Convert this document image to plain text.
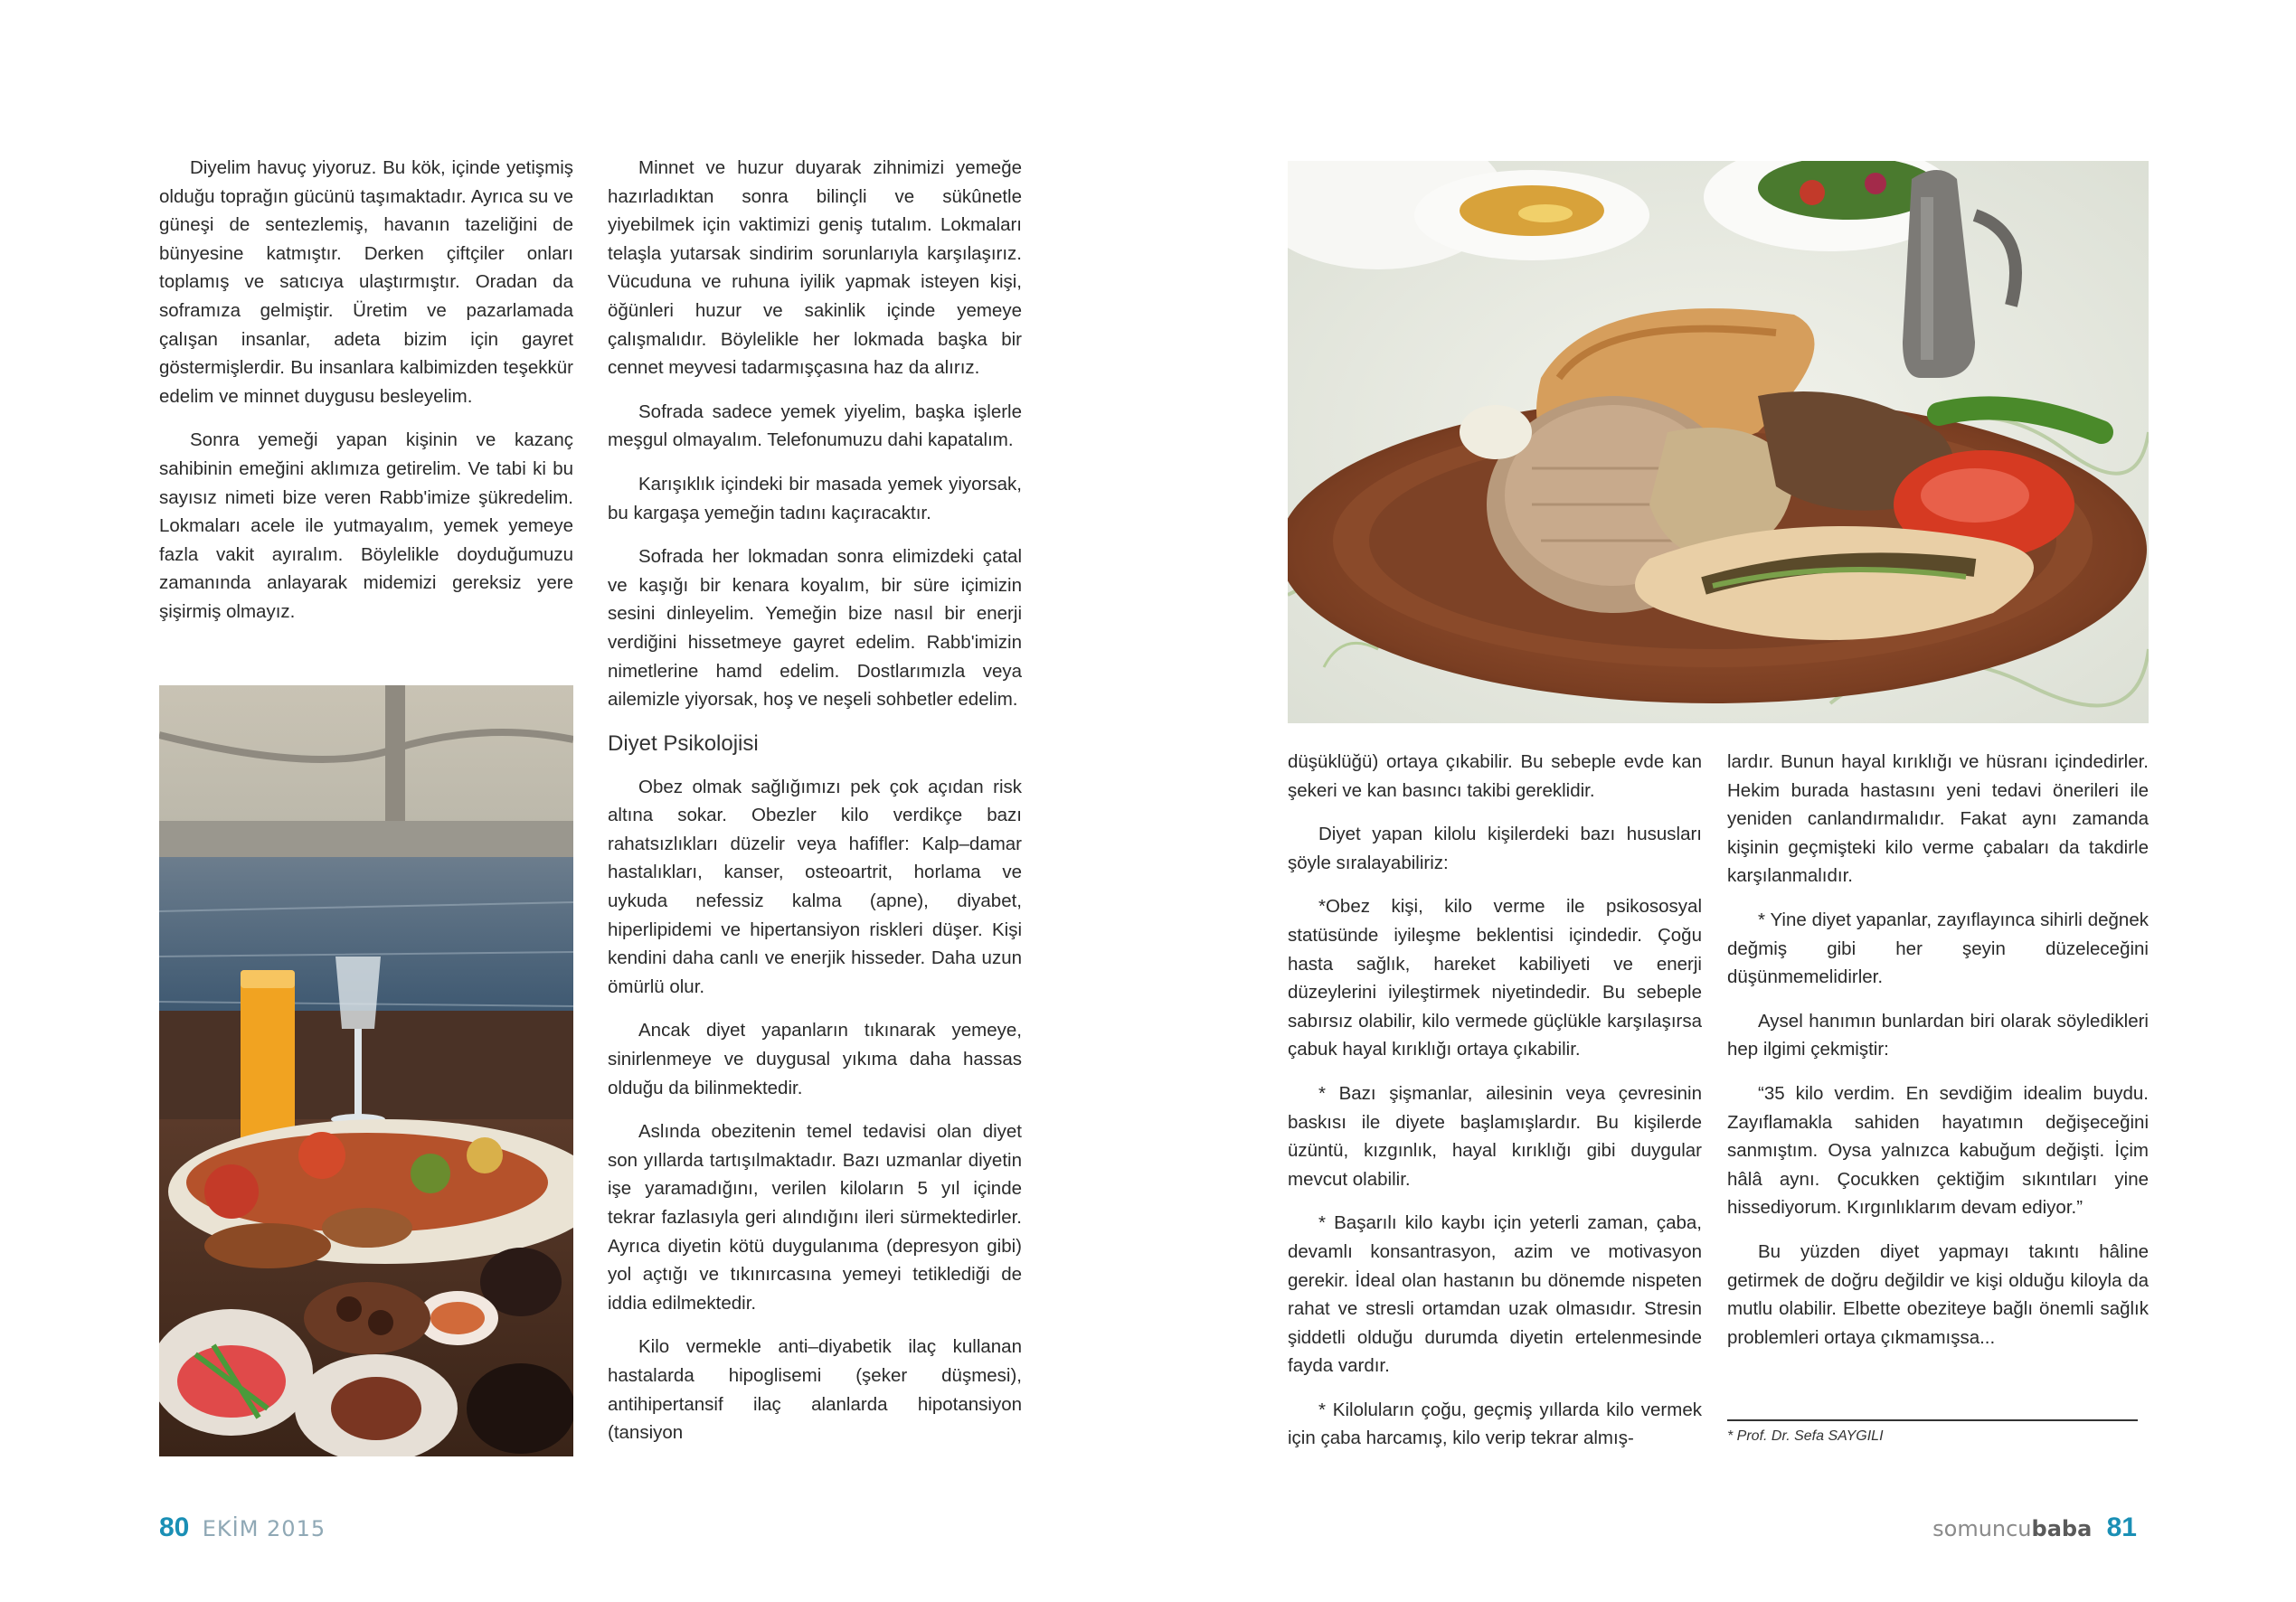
Diyelim havuç yiyoruz. Bu kök, içinde yetişmiş olduğu toprağın gücünü taşımaktadır. Ayrıca su ve güneşi de sentezlemiş, havanın tazeliğini de bünyesine katmıştır. Derken çiftçiler onları toplamış ve satıcıya ulaştırmıştır. Oradan da soframıza gelmiştir. Üretim ve pazarlamada çalışan insanlar, adeta bizim için gayret göstermişlerdir. Bu insanlara kalbimizden teşekkür edelim ve minnet duygusu besleyelim.

Sonra yemeği yapan kişinin ve kazanç sahibinin emeğini aklımıza getirelim. Ve tabi ki bu sayısız nimeti bize veren Rabb'imize şükredelim. Lokmaları acele ile yutmayalım, yemek yemeye fazla vakit ayıralım. Böylelikle doyduğumuzu zamanında anlayarak midemizi gereksiz yere şişirmiş olmayız.

Minnet ve huzur duyarak zihnimizi yemeğe hazırladıktan sonra bilinçli ve sükûnetle yiyebilmek için vaktimizi geniş tutalım. Lokmaları telaşla yutarsak sindirim sorunlarıyla karşılaşırız. Vücuduna ve ruhuna iyilik yapmak isteyen kişi, öğünleri huzur ve sakinlik içinde yemeye çalışmalıdır. Böylelikle her lokmada başka bir cennet meyvesi tadarmışçasına haz da alırız.

Sofrada sadece yemek yiyelim, başka işlerle meşgul olmayalım. Telefonumuzu dahi kapatalım.

Karışıklık içindeki bir masada yemek yiyorsak, bu kargaşa yemeğin tadını kaçıracaktır.

Sofrada her lokmadan sonra elimizdeki çatal ve kaşığı bir kenara koyalım, bir süre içimizin sesini dinleyelim. Yemeğin bize nasıl bir enerji verdiğini hissetmeye gayret edelim. Rabb'imizin nimetlerine hamd edelim. Dostlarımızla veya ailemizle yiyorsak, hoş ve neşeli sohbetler edelim.

Diyet Psikolojisi

Obez olmak sağlığımızı pek çok açıdan risk altına sokar. Obezler kilo verdikçe bazı rahatsızlıkları düzelir veya hafifler: Kalp–damar hastalıkları, kanser, osteoartrit, horlama ve uykuda nefessiz kalma (apne), diyabet, hiperlipidemi ve hipertansiyon riskleri düşer. Kişi kendini daha canlı ve enerjik hisseder. Daha uzun ömürlü olur.

Ancak diyet yapanların tıkınarak yemeye, sinirlenmeye ve duygusal yıkıma daha hassas olduğu da bilinmektedir.

Aslında obezitenin temel tedavisi olan diyet son yıllarda tartışılmaktadır. Bazı uzmanlar diyetin işe yaramadığını, verilen kiloların 5 yıl içinde tekrar fazlasıyla geri alındığını ileri sürmektedirler. Ayrıca diyetin kötü duygulanıma (depresyon gibi) yol açtığı ve tıkınırcasına yemeyi tetiklediği de iddia edilmektedir.

Kilo vermekle anti–diyabetik ilaç kullanan hastalarda hipoglisemi (şeker düşmesi), antihipertansif ilaç alanlarda hipotansiyon (tansiyon

düşüklüğü) ortaya çıkabilir. Bu sebeple evde kan şekeri ve kan basıncı takibi gereklidir.

Diyet yapan kilolu kişilerdeki bazı hususları şöyle sıralayabiliriz:

*Obez kişi, kilo verme ile psikososyal statüsünde iyileşme beklentisi içindedir. Çoğu hasta sağlık, hareket kabiliyeti ve enerji düzeylerini iyileştirmek niyetindedir. Bu sebeple sabırsız olabilir, kilo vermede güçlükle karşılaşırsa çabuk hayal kırıklığı ortaya çıkabilir.

* Bazı şişmanlar, ailesinin veya çevresinin baskısı ile diyete başlamışlardır. Bu kişilerde üzüntü, kızgınlık, hayal kırıklığı gibi duygular mevcut olabilir.

* Başarılı kilo kaybı için yeterli zaman, çaba, devamlı konsantrasyon, azim ve motivasyon gerekir. İdeal olan hastanın bu dönemde nispeten rahat ve stresli ortamdan uzak olmasıdır. Stresin şiddetli olduğu durumda diyetin ertelenmesinde fayda vardır.

* Kiloluların çoğu, geçmiş yıllarda kilo vermek için çaba harcamış, kilo verip tekrar almış-

lardır. Bunun hayal kırıklığı ve hüsranı içindedirler. Hekim burada hastasını yeni tedavi önerileri ile yeniden canlandırmalıdır. Fakat aynı zamanda kişinin geçmişteki kilo verme çabaları da takdirle karşılanmalıdır.

* Yine diyet yapanlar, zayıflayınca sihirli değnek değmiş gibi her şeyin düzeleceğini düşünmemelidirler.

Aysel hanımın bunlardan biri olarak söyledikleri hep ilgimi çekmiştir:

“35 kilo verdim. En sevdiğim idealim buydu. Zayıflamakla sahiden hayatımın değişeceğini sanmıştım. Oysa yalnızca kabuğum değişti. İçim hâlâ aynı. Çocukken çektiğim sıkıntıları yine hissediyorum. Kırgınlıklarım devam ediyor.”

Bu yüzden diyet yapmayı takıntı hâline getirmek de doğru değildir ve kişi olduğu kiloyla da mutlu olabilir. Elbette obeziteye bağlı önemli sağlık problemleri ortaya çıkmamışsa...

* Prof. Dr. Sefa SAYGILI
80 EKİM 2015	somuncubaba 81
